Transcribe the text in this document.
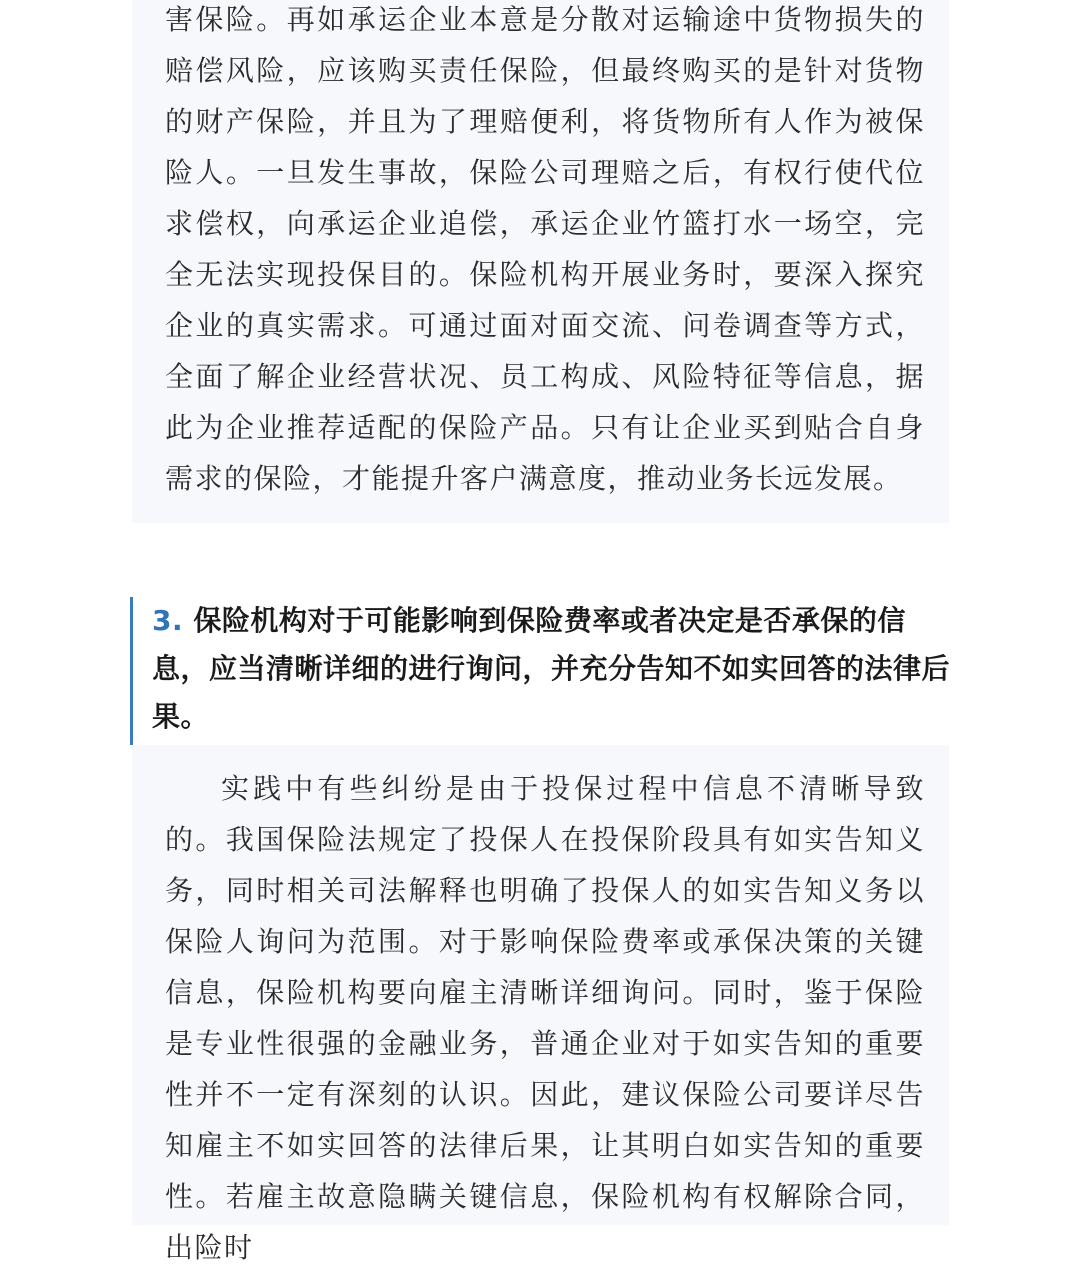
害保险。再如承运企业本意是分散对运输途中货物损失的赔偿风险，应该购买责任保险，但最终购买的是针对货物的财产保险，并且为了理赔便利，将货物所有人作为被保险人。一旦发生事故，保险公司理赔之后，有权行使代位求偿权，向承运企业追偿，承运企业竹篮打水一场空，完全无法实现投保目的。保险机构开展业务时，要深入探究企业的真实需求。可通过面对面交流、问卷调查等方式，全面了解企业经营状况、员工构成、风险特征等信息，据此为企业推荐适配的保险产品。只有让企业买到贴合自身需求的保险，才能提升客户满意度，推动业务长远发展。

3. 保险机构对于可能影响到保险费率或者决定是否承保的信息，应当清晰详细的进行询问，并充分告知不如实回答的法律后果。

实践中有些纠纷是由于投保过程中信息不清晰导致的。我国保险法规定了投保人在投保阶段具有如实告知义务，同时相关司法解释也明确了投保人的如实告知义务以保险人询问为范围。对于影响保险费率或承保决策的关键信息，保险机构要向雇主清晰详细询问。同时，鉴于保险是专业性很强的金融业务，普通企业对于如实告知的重要性并不一定有深刻的认识。因此，建议保险公司要详尽告知雇主不如实回答的法律后果，让其明白如实告知的重要性。若雇主故意隐瞒关键信息，保险机构有权解除合同，出险时
